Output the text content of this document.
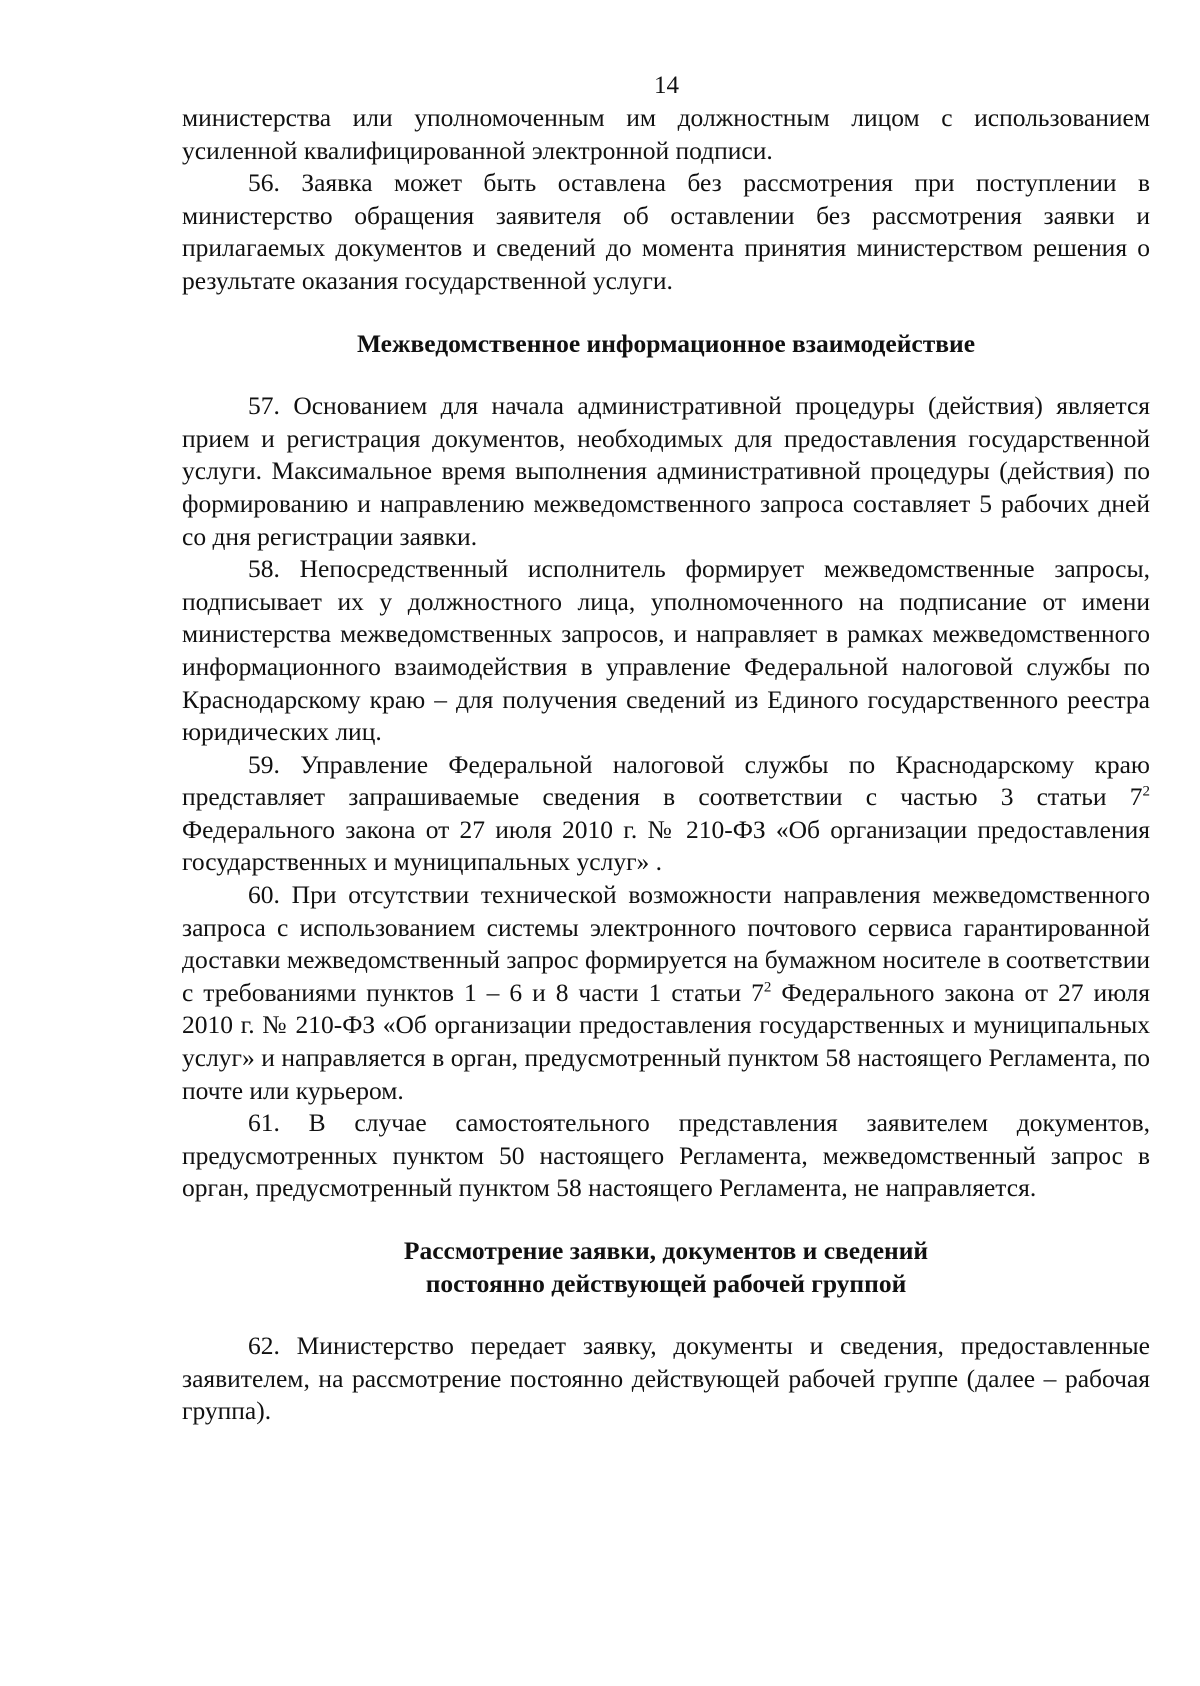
14

министерства или уполномоченным им должностным лицом с использованием усиленной квалифицированной электронной подписи.

56. Заявка может быть оставлена без рассмотрения при поступлении в министерство обращения заявителя об оставлении без рассмотрения заявки и прилагаемых документов и сведений до момента принятия министерством решения о результате оказания государственной услуги.

Межведомственное информационное взаимодействие

57. Основанием для начала административной процедуры (действия) является прием и регистрация документов, необходимых для предоставления государственной услуги. Максимальное время выполнения административной процедуры (действия) по формированию и направлению межведомственного запроса составляет 5 рабочих дней со дня регистрации заявки.

58. Непосредственный исполнитель формирует межведомственные запросы, подписывает их у должностного лица, уполномоченного на подписание от имени министерства межведомственных запросов, и направляет в рамках межведомственного информационного взаимодействия в управление Федеральной налоговой службы по Краснодарскому краю – для получения сведений из Единого государственного реестра юридических лиц.

59. Управление Федеральной налоговой службы по Краснодарскому краю представляет запрашиваемые сведения в соответствии с частью 3 статьи $7^2$ Федерального закона от 27 июля 2010 г. № 210-ФЗ «Об организации предоставления государственных и муниципальных услуг» .

60. При отсутствии технической возможности направления межведомственного запроса с использованием системы электронного почтового сервиса гарантированной доставки межведомственный запрос формируется на бумажном носителе в соответствии с требованиями пунктов 1 – 6 и 8 части 1 статьи $7^2$ Федерального закона от 27 июля 2010 г. № 210-ФЗ «Об организации предоставления государственных и муниципальных услуг» и направляется в орган, предусмотренный пунктом 58 настоящего Регламента, по почте или курьером.

61. В случае самостоятельного представления заявителем документов, предусмотренных пунктом 50 настоящего Регламента, межведомственный запрос в орган, предусмотренный пунктом 58 настоящего Регламента, не направляется.

Рассмотрение заявки, документов и сведений
постоянно действующей рабочей группой

62. Министерство передает заявку, документы и сведения, предоставленные заявителем, на рассмотрение постоянно действующей рабочей группе (далее – рабочая группа).
